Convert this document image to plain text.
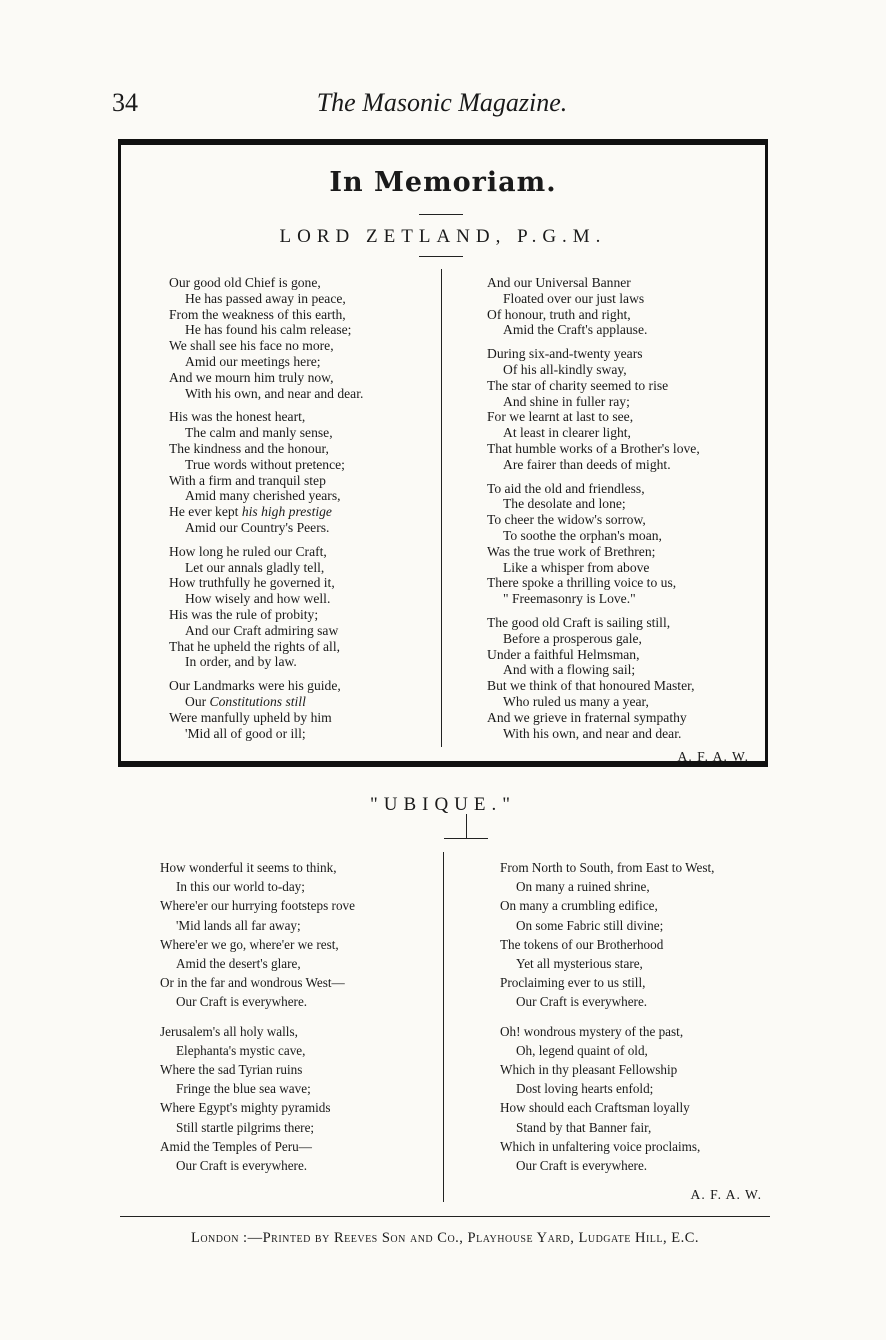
34	The Masonic Magazine.
In Memoriam.
LORD ZETLAND, P.G.M.
Our good old Chief is gone,
He has passed away in peace,
From the weakness of this earth,
He has found his calm release;
We shall see his face no more,
Amid our meetings here;
And we mourn him truly now,
With his own, and near and dear.
His was the honest heart,
The calm and manly sense,
The kindness and the honour,
True words without pretence;
With a firm and tranquil step
Amid many cherished years,
He ever kept his high prestige
Amid our Country's Peers.
How long he ruled our Craft,
Let our annals gladly tell,
How truthfully he governed it,
How wisely and how well.
His was the rule of probity;
And our Craft admiring saw
That he upheld the rights of all,
In order, and by law.
Our Landmarks were his guide,
Our Constitutions still
Were manfully upheld by him
'Mid all of good or ill;
And our Universal Banner
Floated over our just laws
Of honour, truth and right,
Amid the Craft's applause.
During six-and-twenty years
Of his all-kindly sway,
The star of charity seemed to rise
And shine in fuller ray;
For we learnt at last to see,
At least in clearer light,
That humble works of a Brother's love,
Are fairer than deeds of might.
To aid the old and friendless,
The desolate and lone;
To cheer the widow's sorrow,
To soothe the orphan's moan,
Was the true work of Brethren;
Like a whisper from above
There spoke a thrilling voice to us,
" Freemasonry is Love."
The good old Craft is sailing still,
Before a prosperous gale,
Under a faithful Helmsman,
And with a flowing sail;
But we think of that honoured Master,
Who ruled us many a year,
And we grieve in fraternal sympathy
With his own, and near and dear.
A. F. A. W.
"UBIQUE."
How wonderful it seems to think,
In this our world to-day;
Where'er our hurrying footsteps rove
'Mid lands all far away;
Where'er we go, where'er we rest,
Amid the desert's glare,
Or in the far and wondrous West—
Our Craft is everywhere.
Jerusalem's all holy walls,
Elephanta's mystic cave,
Where the sad Tyrian ruins
Fringe the blue sea wave;
Where Egypt's mighty pyramids
Still startle pilgrims there;
Amid the Temples of Peru—
Our Craft is everywhere.
From North to South, from East to West,
On many a ruined shrine,
On many a crumbling edifice,
On some Fabric still divine;
The tokens of our Brotherhood
Yet all mysterious stare,
Proclaiming ever to us still,
Our Craft is everywhere.
Oh! wondrous mystery of the past,
Oh, legend quaint of old,
Which in thy pleasant Fellowship
Dost loving hearts enfold;
How should each Craftsman loyally
Stand by that Banner fair,
Which in unfaltering voice proclaims,
Our Craft is everywhere.
A. F. A. W.
London :—Printed by Reeves Son and Co., Playhouse Yard, Ludgate Hill, E.C.
